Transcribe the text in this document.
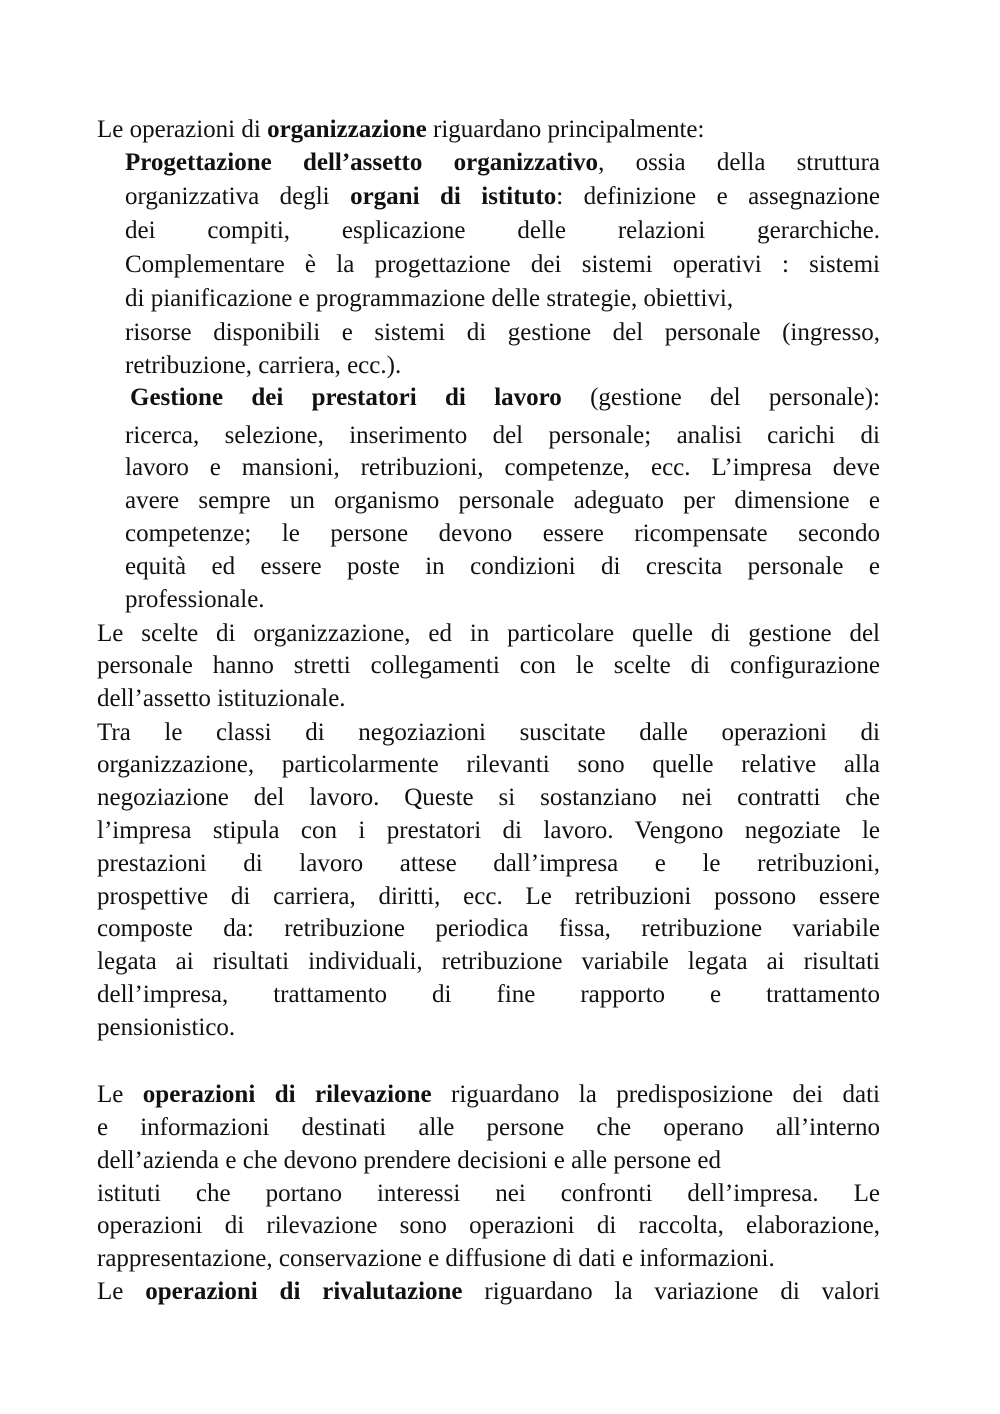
Le operazioni di organizzazione riguardano principalmente:

Progettazione dell’assetto organizzativo, ossia della struttura

organizzativa degli organi di istituto: definizione e assegnazione

dei compiti, esplicazione delle relazioni gerarchiche.

Complementare è la progettazione dei sistemi operativi : sistemi

di pianificazione e programmazione delle strategie, obiettivi,

risorse disponibili e sistemi di gestione del personale (ingresso,

retribuzione, carriera, ecc.).

Gestione dei prestatori di lavoro (gestione del personale):

ricerca, selezione, inserimento del personale; analisi carichi di

lavoro e mansioni, retribuzioni, competenze, ecc. L’impresa deve

avere sempre un organismo personale adeguato per dimensione e

competenze; le persone devono essere ricompensate secondo

equità ed essere poste in condizioni di crescita personale e

professionale.

Le scelte di organizzazione, ed in particolare quelle di gestione del

personale hanno stretti collegamenti con le scelte di configurazione

dell’assetto istituzionale.

Tra le classi di negoziazioni suscitate dalle operazioni di

organizzazione, particolarmente rilevanti sono quelle relative alla

negoziazione del lavoro. Queste si sostanziano nei contratti che

l’impresa stipula con i prestatori di lavoro. Vengono negoziate le

prestazioni di lavoro attese dall’impresa e le retribuzioni,

prospettive di carriera, diritti, ecc. Le retribuzioni possono essere

composte da: retribuzione periodica fissa, retribuzione variabile

legata ai risultati individuali, retribuzione variabile legata ai risultati

dell’impresa, trattamento di fine rapporto e trattamento

pensionistico.

Le operazioni di rilevazione riguardano la predisposizione dei dati

e informazioni destinati alle persone che operano all’interno

dell’azienda e che devono prendere decisioni e alle persone ed

istituti che portano interessi nei confronti dell’impresa. Le

operazioni di rilevazione sono operazioni di raccolta, elaborazione,

rappresentazione, conservazione e diffusione di dati e informazioni.

Le operazioni di rivalutazione riguardano la variazione di valori
